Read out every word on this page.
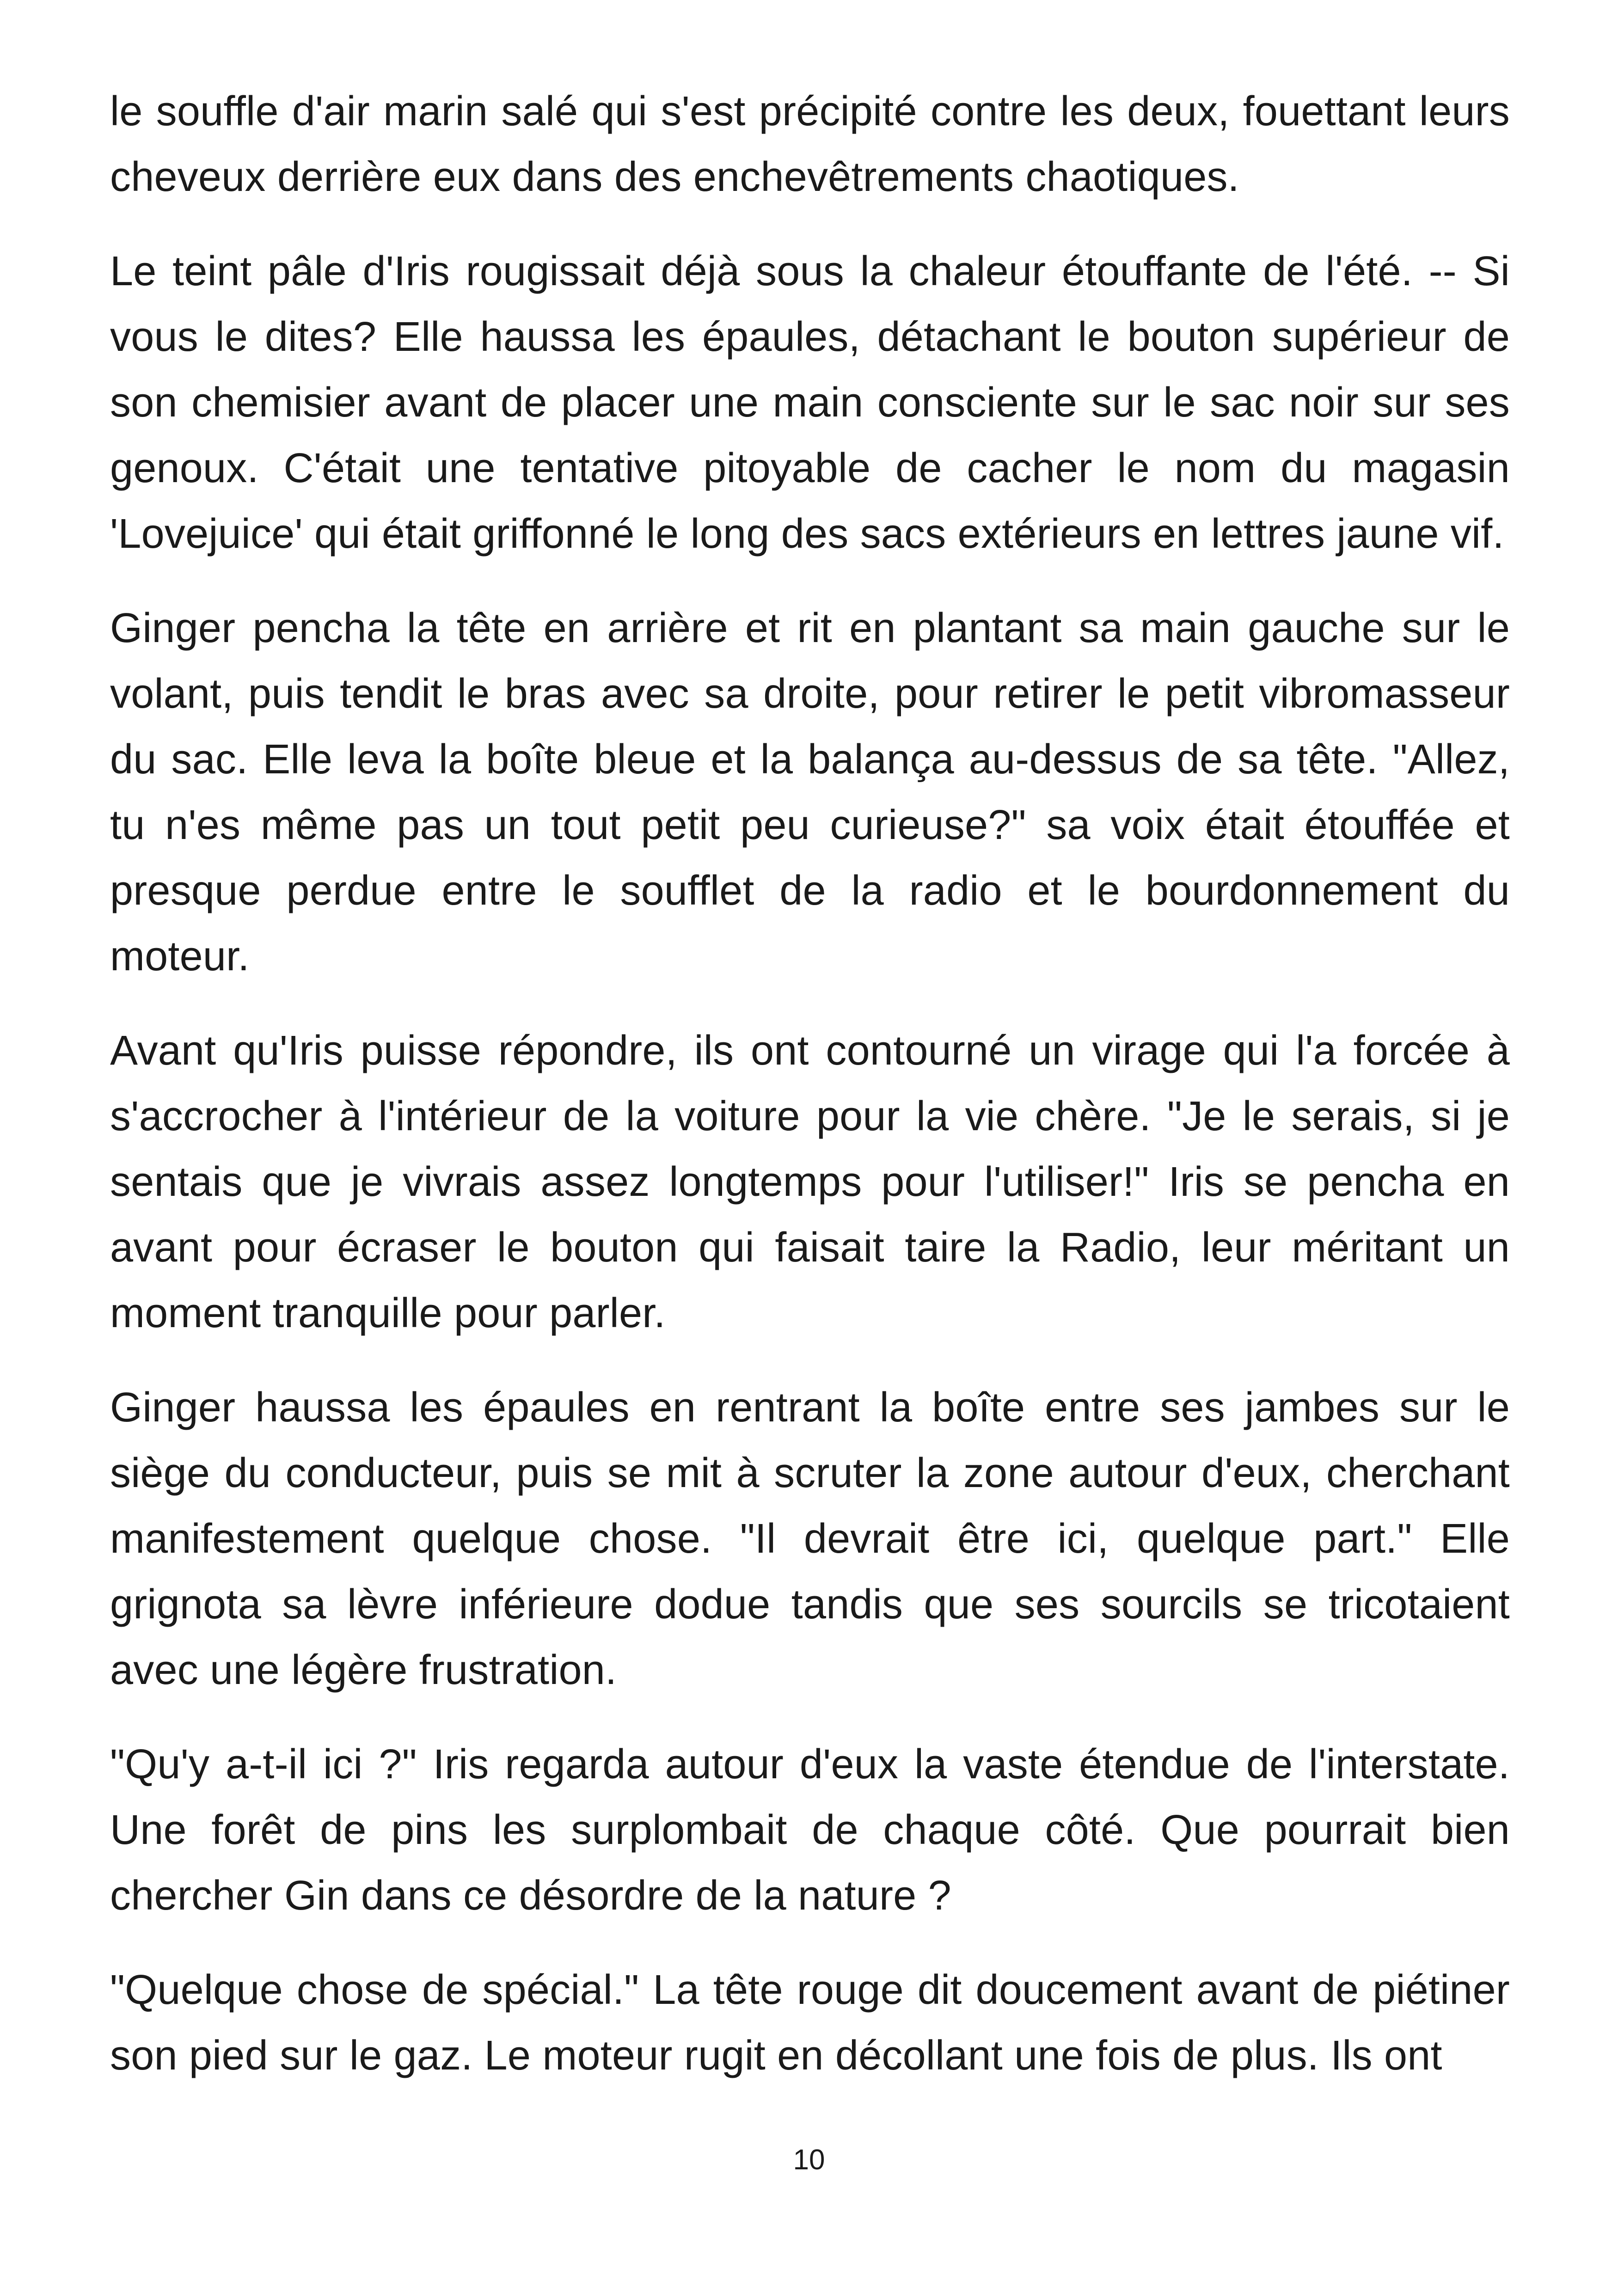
le souffle d'air marin salé qui s'est précipité contre les deux, fouettant leurs cheveux derrière eux dans des enchevêtrements chaotiques.

Le teint pâle d'Iris rougissait déjà sous la chaleur étouffante de l'été. -- Si vous le dites? Elle haussa les épaules, détachant le bouton supérieur de son chemisier avant de placer une main consciente sur le sac noir sur ses genoux. C'était une tentative pitoyable de cacher le nom du magasin 'Lovejuice' qui était griffonné le long des sacs extérieurs en lettres jaune vif.

Ginger pencha la tête en arrière et rit en plantant sa main gauche sur le volant, puis tendit le bras avec sa droite, pour retirer le petit vibromasseur du sac. Elle leva la boîte bleue et la balança au-dessus de sa tête. "Allez, tu n'es même pas un tout petit peu curieuse?" sa voix était étouffée et presque perdue entre le soufflet de la radio et le bourdonnement du moteur.

Avant qu'Iris puisse répondre, ils ont contourné un virage qui l'a forcée à s'accrocher à l'intérieur de la voiture pour la vie chère. "Je le serais, si je sentais que je vivrais assez longtemps pour l'utiliser!" Iris se pencha en avant pour écraser le bouton qui faisait taire la Radio, leur méritant un moment tranquille pour parler.

Ginger haussa les épaules en rentrant la boîte entre ses jambes sur le siège du conducteur, puis se mit à scruter la zone autour d'eux, cherchant manifestement quelque chose. "Il devrait être ici, quelque part." Elle grignota sa lèvre inférieure dodue tandis que ses sourcils se tricotaient avec une légère frustration.

"Qu'y a-t-il ici ?" Iris regarda autour d'eux la vaste étendue de l'interstate. Une forêt de pins les surplombait de chaque côté. Que pourrait bien chercher Gin dans ce désordre de la nature ?

"Quelque chose de spécial." La tête rouge dit doucement avant de piétiner son pied sur le gaz. Le moteur rugit en décollant une fois de plus. Ils ont

10
